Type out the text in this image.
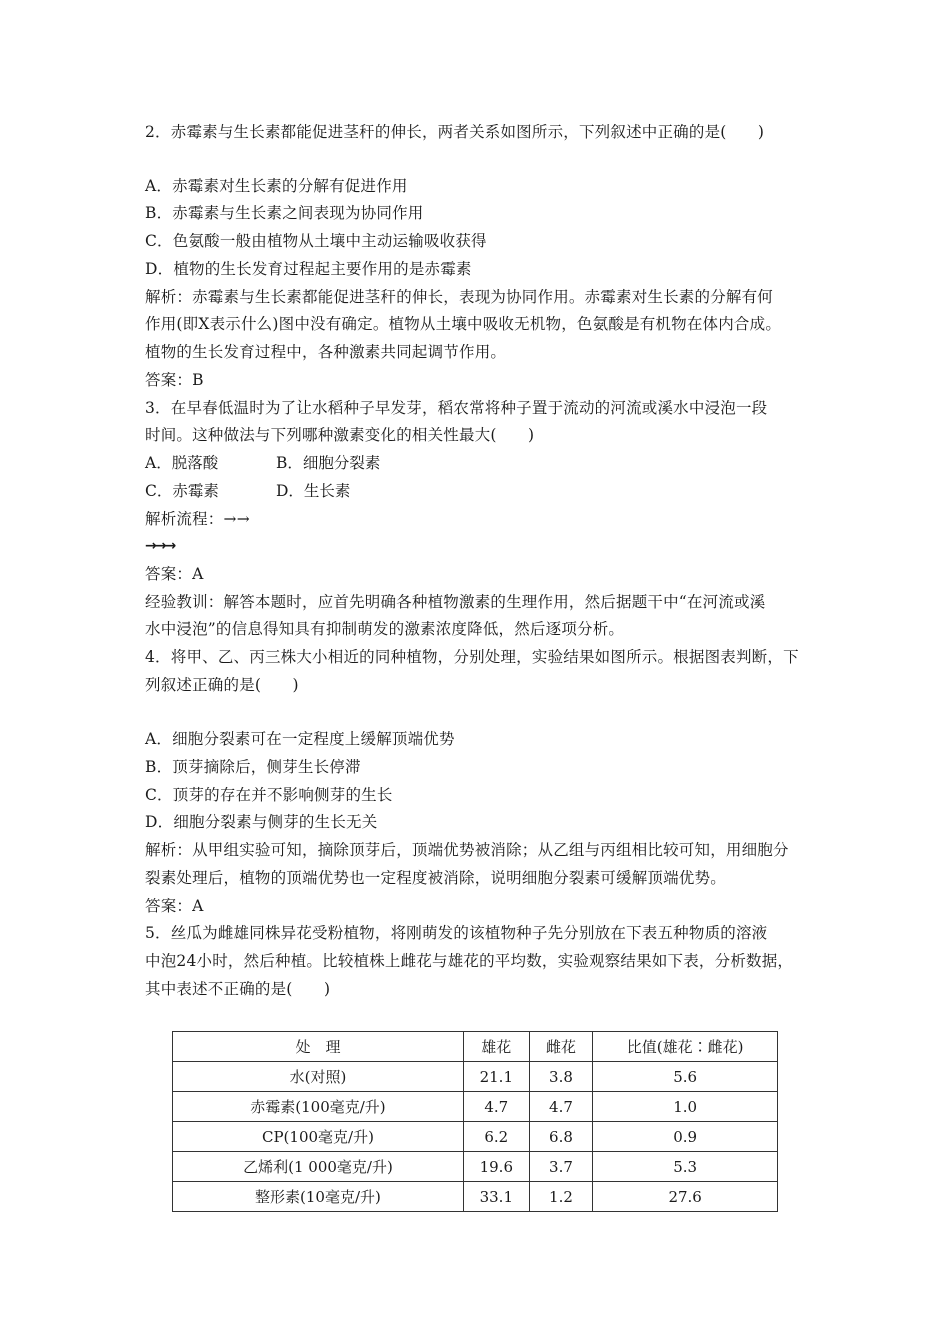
2．赤霉素与生长素都能促进茎秆的伸长，两者关系如图所示，下列叙述中正确的是(　　)
A．赤霉素对生长素的分解有促进作用
B．赤霉素与生长素之间表现为协同作用
C．色氨酸一般由植物从土壤中主动运输吸收获得
D．植物的生长发育过程起主要作用的是赤霉素
解析：赤霉素与生长素都能促进茎秆的伸长，表现为协同作用。赤霉素对生长素的分解有何
作用(即X表示什么)图中没有确定。植物从土壤中吸收无机物，色氨酸是有机物在体内合成。
植物的生长发育过程中，各种激素共同起调节作用。
答案：B
3．在早春低温时为了让水稻种子早发芽，稻农常将种子置于流动的河流或溪水中浸泡一段
时间。这种做法与下列哪种激素变化的相关性最大(　　)
A．脱落酸	B．细胞分裂素
C．赤霉素	D．生长素
解析流程：→→
→→→
答案：A
经验教训：解答本题时，应首先明确各种植物激素的生理作用，然后据题干中“在河流或溪
水中浸泡”的信息得知具有抑制萌发的激素浓度降低，然后逐项分析。
4．将甲、乙、丙三株大小相近的同种植物，分别处理，实验结果如图所示。根据图表判断，下
列叙述正确的是(　　)
A．细胞分裂素可在一定程度上缓解顶端优势
B．顶芽摘除后，侧芽生长停滞
C．顶芽的存在并不影响侧芽的生长
D．细胞分裂素与侧芽的生长无关
解析：从甲组实验可知，摘除顶芽后，顶端优势被消除；从乙组与丙组相比较可知，用细胞分
裂素处理后，植物的顶端优势也一定程度被消除，说明细胞分裂素可缓解顶端优势。
答案：A
5．丝瓜为雌雄同株异花受粉植物，将刚萌发的该植物种子先分别放在下表五种物质的溶液
中泡24小时，然后种植。比较植株上雌花与雄花的平均数，实验观察结果如下表，分析数据，
其中表述不正确的是(　　)
处　理	雄花	雌花	比值(雄花∶雌花)
水(对照)	21.1	3.8	5.6
赤霉素(100毫克/升)	4.7	4.7	1.0
CP(100毫克/升)	6.2	6.8	0.9
乙烯利(1 000毫克/升)	19.6	3.7	5.3
整形素(10毫克/升)	33.1	1.2	27.6
